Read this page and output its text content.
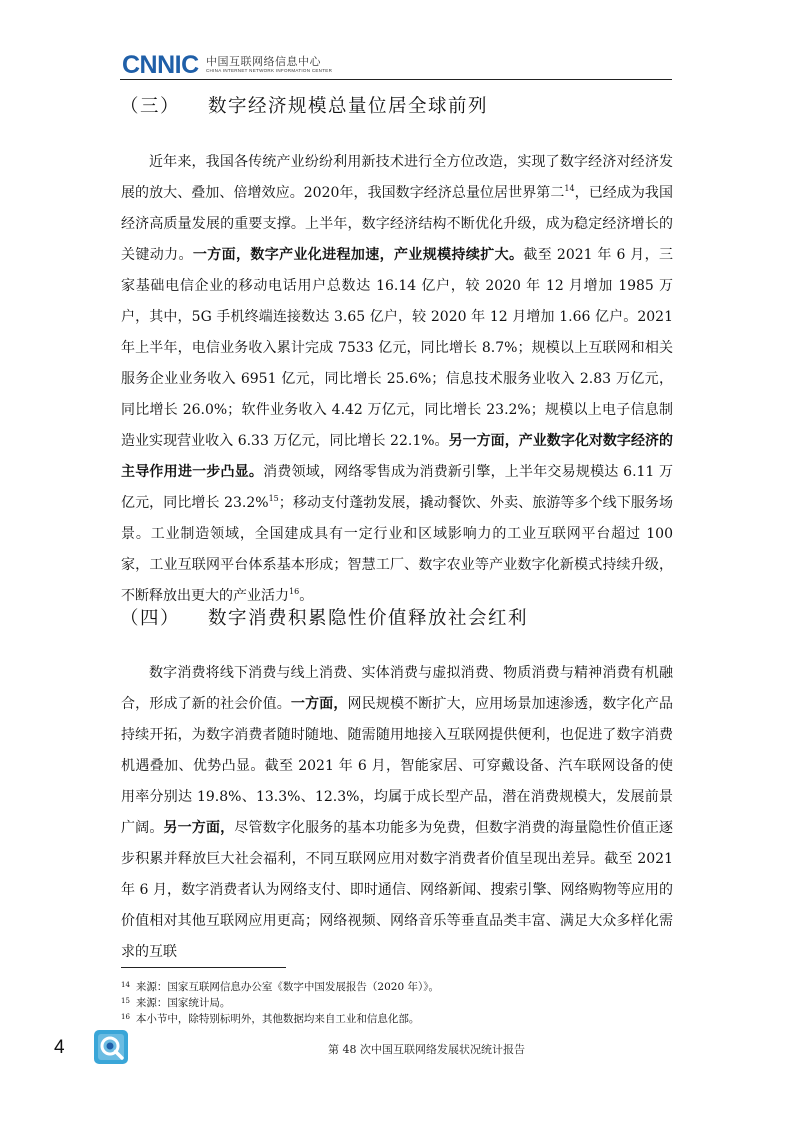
CNNIC 中国互联网络信息中心
CHINA INTERNET NETWORK INFORMATION CENTER
（三） 数字经济规模总量位居全球前列

近年来，我国各传统产业纷纷利用新技术进行全方位改造，实现了数字经济对经济发展的放大、叠加、倍增效应。2020年，我国数字经济总量位居世界第二$^{14}$，已经成为我国经济高质量发展的重要支撑。上半年，数字经济结构不断优化升级，成为稳定经济增长的关键动力。一方面，数字产业化进程加速，产业规模持续扩大。截至 2021 年 6 月，三家基础电信企业的移动电话用户总数达 16.14 亿户，较 2020 年 12 月增加 1985 万户，其中，5G 手机终端连接数达 3.65 亿户，较 2020 年 12 月增加 1.66 亿户。2021 年上半年，电信业务收入累计完成 7533 亿元，同比增长 8.7%；规模以上互联网和相关服务企业业务收入 6951 亿元，同比增长 25.6%；信息技术服务业收入 2.83 万亿元，同比增长 26.0%；软件业务收入 4.42 万亿元，同比增长 23.2%；规模以上电子信息制造业实现营业收入 6.33 万亿元，同比增长 22.1%。另一方面，产业数字化对数字经济的主导作用进一步凸显。消费领域，网络零售成为消费新引擎，上半年交易规模达 6.11 万亿元，同比增长 23.2%$^{15}$；移动支付蓬勃发展，撬动餐饮、外卖、旅游等多个线下服务场景。工业制造领域，全国建成具有一定行业和区域影响力的工业互联网平台超过 100 家，工业互联网平台体系基本形成；智慧工厂、数字农业等产业数字化新模式持续升级，不断释放出更大的产业活力$^{16}$。

（四） 数字消费积累隐性价值释放社会红利

数字消费将线下消费与线上消费、实体消费与虚拟消费、物质消费与精神消费有机融合，形成了新的社会价值。一方面，网民规模不断扩大，应用场景加速渗透，数字化产品持续开拓，为数字消费者随时随地、随需随用地接入互联网提供便利，也促进了数字消费机遇叠加、优势凸显。截至 2021 年 6 月，智能家居、可穿戴设备、汽车联网设备的使用率分别达 19.8%、13.3%、12.3%，均属于成长型产品，潜在消费规模大，发展前景广阔。另一方面，尽管数字化服务的基本功能多为免费，但数字消费的海量隐性价值正逐步积累并释放巨大社会福利，不同互联网应用对数字消费者价值呈现出差异。截至 2021 年 6 月，数字消费者认为网络支付、即时通信、网络新闻、搜索引擎、网络购物等应用的价值相对其他互联网应用更高；网络视频、网络音乐等垂直品类丰富、满足大众多样化需求的互联

$^{14}$ 来源：国家互联网信息办公室《数字中国发展报告（2020 年）》。
$^{15}$ 来源：国家统计局。
$^{16}$ 本小节中，除特别标明外，其他数据均来自工业和信息化部。
4	第 48 次中国互联网络发展状况统计报告
